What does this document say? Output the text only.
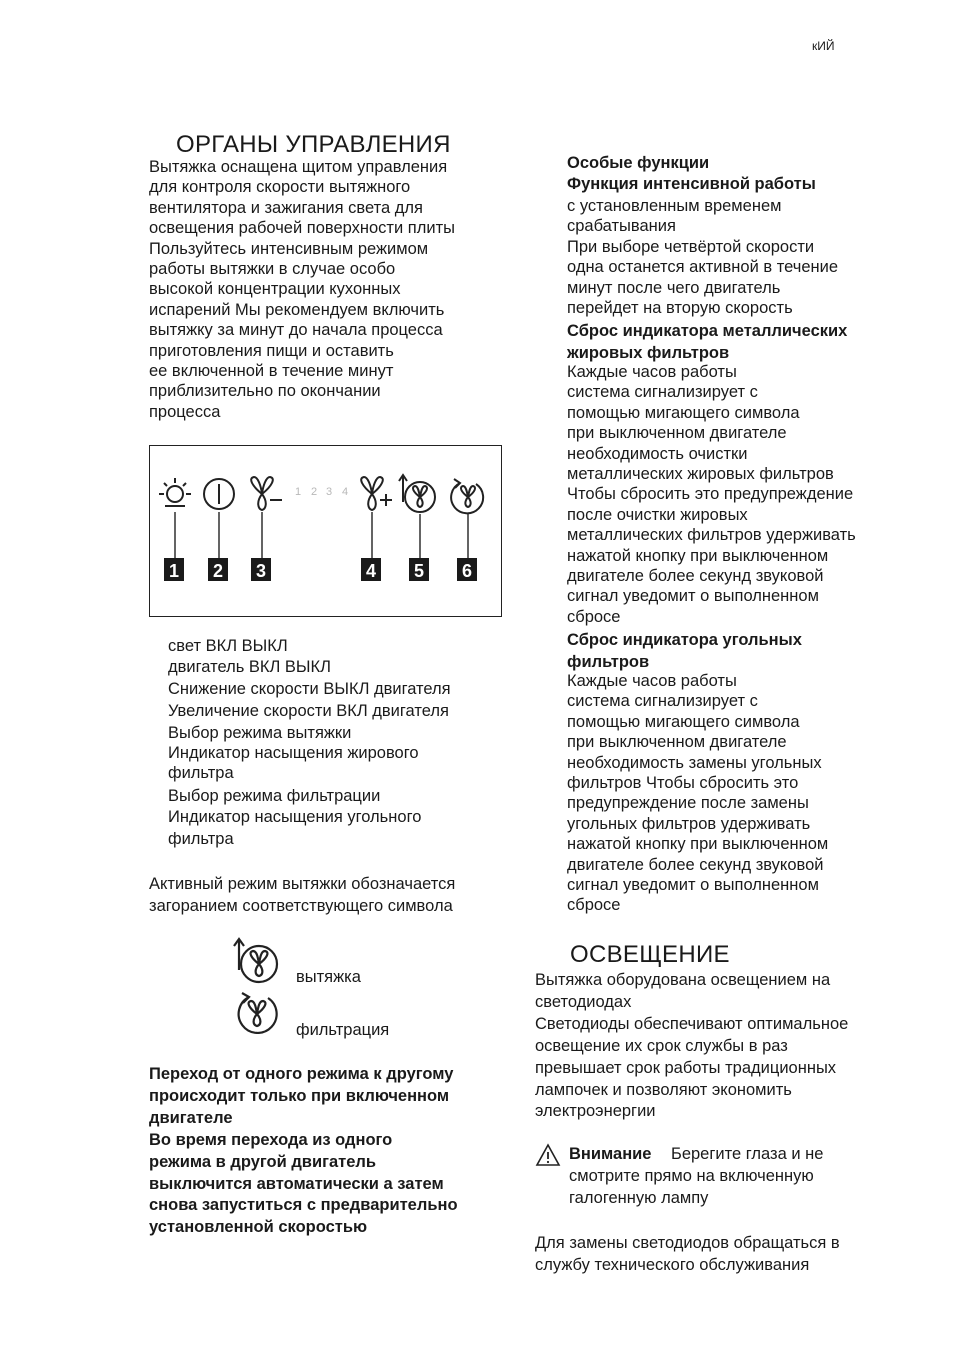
кИЙ
ОРГАНЫ УПРАВЛЕНИЯ

Вытяжка оснащена щитом управления
для контроля скорости вытяжного
вентилятора и зажигания света для
освещения рабочей поверхности плиты
Пользуйтесь интенсивным режимом
работы вытяжки в случае особо
высокой концентрации кухонных
испарений Мы рекомендуем включить
вытяжку за минут до начала процесса
приготовления пищи и оставить
ее включенной в течение минут
приблизительно по окончании
процесса

1 2 3 4
1 2 3	4 5 6
свет ВКЛ ВЫКЛ
двигатель ВКЛ ВЫКЛ
Снижение скорости ВЫКЛ двигателя
Увеличение скорости ВКЛ двигателя
Выбор режима вытяжки
Индикатор насыщения жирового
фильтра
Выбор режима фильтрации
Индикатор насыщения угольного
фильтра

Активный режим вытяжки обозначается
загоранием соответствующего символа

вытяжка
фильтрация

Переход от одного режима к другому
происходит только при включенном
двигателе
Во время перехода из одного
режима в другой двигатель
выключится автоматически а затем
снова запуститься с предварительно
установленной скоростью

Особые функции
Функция интенсивной работы

с установленным временем
срабатывания
При выборе четвёртой скорости
одна останется активной в течение
минут после чего двигатель
перейдет на вторую скорость

Сброс индикатора металлических
жировых фильтров

Каждые часов работы
система сигнализирует с
помощью мигающего символа
при выключенном двигателе
необходимость очистки
металлических жировых фильтров
Чтобы сбросить это предупреждение
после очистки жировых
металлических фильтров удерживать
нажатой кнопку при выключенном
двигателе более секунд звуковой
сигнал уведомит о выполненном
сбросе

Сброс индикатора угольных
фильтров

Каждые часов работы
система сигнализирует с
помощью мигающего символа
при выключенном двигателе
необходимость замены угольных
фильтров Чтобы сбросить это
предупреждение после замены
угольных фильтров удерживать
нажатой кнопку при выключенном
двигателе более секунд звуковой
сигнал уведомит о выполненном
сбросе

ОСВЕЩЕНИЕ

Вытяжка оборудована освещением на
светодиодах
Светодиоды обеспечивают оптимальное
освещение их срок службы в раз
превышает срок работы традиционных
лампочек и позволяют экономить
электроэнергии

Внимание Берегите глаза и не
смотрите прямо на включенную
галогенную лампу

Для замены светодиодов обращаться в
службу технического обслуживания
